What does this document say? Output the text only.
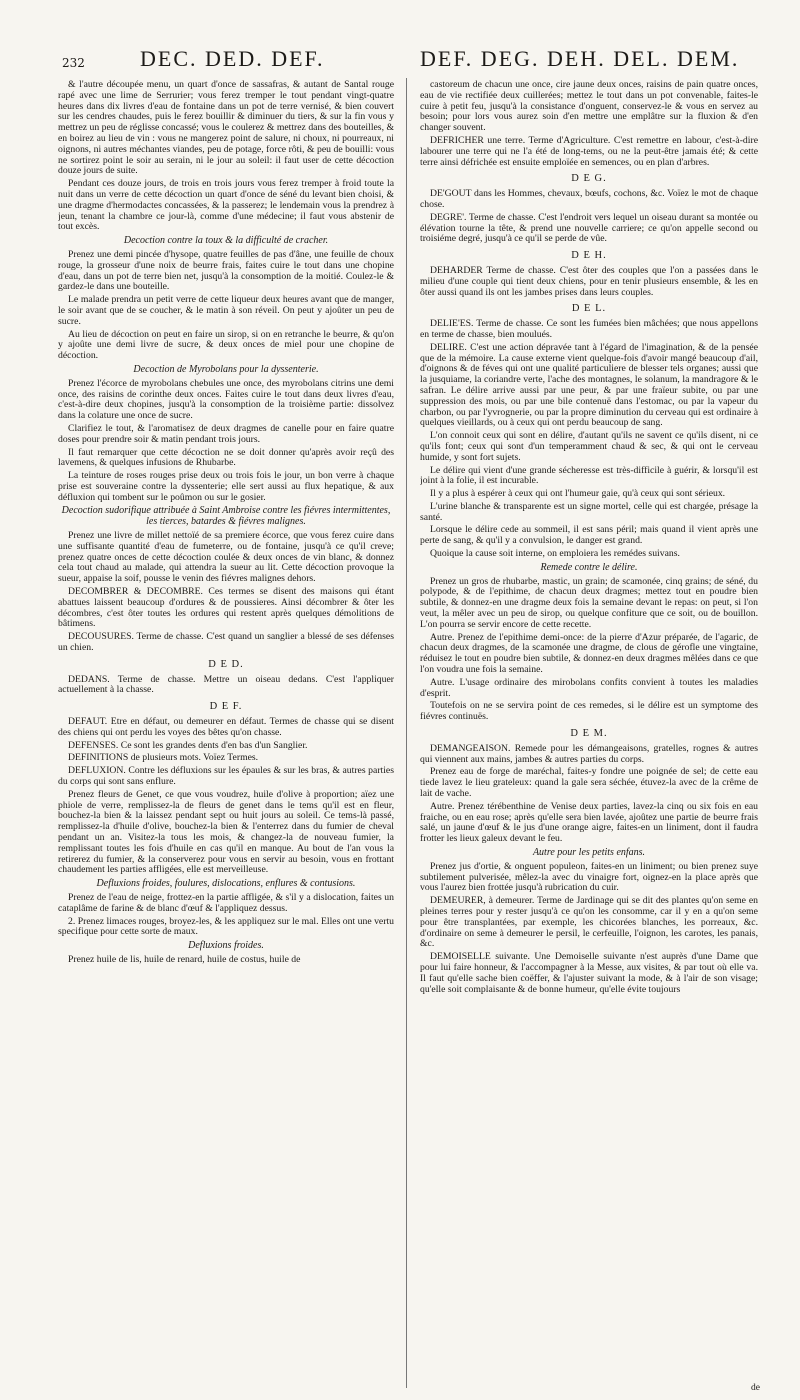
232	DEC. DED. DEF.	DEF. DEG. DEH. DEL. DEM.

& l'autre découpée menu, un quart d'once de sassafras, & autant de Santal rouge rapé avec une lime de Serrurier; vous ferez tremper le tout pendant vingt-quatre heures dans dix livres d'eau de fontaine dans un pot de terre vernisé, & bien couvert sur les cendres chaudes, puis le ferez bouillir & diminuer du tiers, & sur la fin vous y mettrez un peu de réglisse concassé; vous le coulerez & mettrez dans des bouteilles, & en boirez au lieu de vin : vous ne mangerez point de salure, ni choux, ni pourreaux, ni oignons, ni autres méchantes viandes, peu de potage, force rôti, & peu de bouilli: vous ne sortirez point le soir au serain, ni le jour au soleil: il faut user de cette décoction douze jours de suite.

Pendant ces douze jours, de trois en trois jours vous ferez tremper à froid toute la nuit dans un verre de cette décoction un quart d'once de séné du levant bien choisi, & une dragme d'hermodactes concassées, & la passerez; le lendemain vous la prendrez à jeun, tenant la chambre ce jour-là, comme d'une médecine; il faut vous abstenir de tout excès.

Decoction contre la toux & la difficulté de cracher.

Prenez une demi pincée d'hysope, quatre feuilles de pas d'âne, une feuille de choux rouge, la grosseur d'une noix de beurre frais, faites cuire le tout dans une chopine d'eau, dans un pot de terre bien net, jusqu'à la consomption de la moitié. Coulez-le & gardez-le dans une bouteille.

Le malade prendra un petit verre de cette liqueur deux heures avant que de manger, le soir avant que de se coucher, & le matin à son réveil. On peut y ajoûter un peu de sucre.

Au lieu de décoction on peut en faire un sirop, si on en retranche le beurre, & qu'on y ajoûte une demi livre de sucre, & deux onces de miel pour une chopine de décoction.

Decoction de Myrobolans pour la dyssenterie.

Prenez l'écorce de myrobolans chebules une once, des myrobolans citrins une demi once, des raisins de corinthe deux onces. Faites cuire le tout dans deux livres d'eau, c'est-à-dire deux chopines, jusqu'à la consomption de la troisième partie: dissolvez dans la colature une once de sucre.

Clarifiez le tout, & l'aromatisez de deux dragmes de canelle pour en faire quatre doses pour prendre soir & matin pendant trois jours.

Il faut remarquer que cette décoction ne se doit donner qu'après avoir reçû des lavemens, & quelques infusions de Rhubarbe.

La teinture de roses rouges prise deux ou trois fois le jour, un bon verre à chaque prise est souveraine contre la dyssenterie; elle sert aussi au flux hepatique, & aux défluxion qui tombent sur le poûmon ou sur le gosier.

Decoction sudorifique attribuée à Saint Ambroise contre les fiévres intermittentes, les tierces, batardes & fiévres malignes.

Prenez une livre de millet nettoïé de sa premiere écorce, que vous ferez cuire dans une suffisante quantité d'eau de fumeterre, ou de fontaine, jusqu'à ce qu'il creve; prenez quatre onces de cette décoction coulée & deux onces de vin blanc, & donnez cela tout chaud au malade, qui attendra la sueur au lit. Cette décoction provoque la sueur, appaise la soif, pousse le venin des fiévres malignes dehors.

DECOMBRER & DECOMBRE. Ces termes se disent des maisons qui étant abattues laissent beaucoup d'ordures & de poussieres. Ainsi décombrer & ôter les décombres, c'est ôter toutes les ordures qui restent après quelques démolitions de bâtimens.

DECOUSURES. Terme de chasse. C'est quand un sanglier a blessé de ses défenses un chien.

D E D.

DEDANS. Terme de chasse. Mettre un oiseau dedans. C'est l'appliquer actuellement à la chasse.

D E F.

DEFAUT. Etre en défaut, ou demeurer en défaut. Termes de chasse qui se disent des chiens qui ont perdu les voyes des bêtes qu'on chasse.

DEFENSES. Ce sont les grandes dents d'en bas d'un Sanglier.

DEFINITIONS de plusieurs mots. Voïez Termes.

DEFLUXION. Contre les défluxions sur les épaules & sur les bras, & autres parties du corps qui sont sans enflure.

Prenez fleurs de Genet, ce que vous voudrez, huile d'olive à proportion; aïez une phiole de verre, remplissez-la de fleurs de genet dans le tems qu'il est en fleur, bouchez-la bien & la laissez pendant sept ou huit jours au soleil. Ce tems-là passé, remplissez-la d'huile d'olive, bouchez-la bien & l'enterrez dans du fumier de cheval pendant un an. Visitez-la tous les mois, & changez-la de nouveau fumier, la remplissant toutes les fois d'huile en cas qu'il en manque. Au bout de l'an vous la retirerez du fumier, & la conserverez pour vous en servir au besoin, vous en frottant chaudement les parties affligées, elle est merveilleuse.

Defluxions froides, foulures, dislocations, enflures & contusions.

Prenez de l'eau de neige, frottez-en la partie affligée, & s'il y a dislocation, faites un cataplâme de farine & de blanc d'œuf & l'appliquez dessus.

2. Prenez limaces rouges, broyez-les, & les appliquez sur le mal. Elles ont une vertu specifique pour cette sorte de maux.

Defluxions froides.

Prenez huile de lis, huile de renard, huile de costus, huile de

castoreum de chacun une once, cire jaune deux onces, raisins de pain quatre onces, eau de vie rectifiée deux cuillerées; mettez le tout dans un pot convenable, faites-le cuire à petit feu, jusqu'à la consistance d'onguent, conservez-le & vous en servez au besoin; pour lors vous aurez soin d'en mettre une emplâtre sur la fluxion & d'en changer souvent.

DEFRICHER une terre. Terme d'Agriculture. C'est remettre en labour, c'est-à-dire labourer une terre qui ne l'a été de long-tems, ou ne la peut-être jamais été; & cette terre ainsi défrichée est ensuite emploïée en semences, ou en plan d'arbres.

D E G.

DE'GOUT dans les Hommes, chevaux, bœufs, cochons, &c. Voïez le mot de chaque chose.

DEGRE'. Terme de chasse. C'est l'endroit vers lequel un oiseau durant sa montée ou élévation tourne la tête, & prend une nouvelle carriere; ce qu'on appelle second ou troisiéme degré, jusqu'à ce qu'il se perde de vûe.

D E H.

DEHARDER Terme de chasse. C'est ôter des couples que l'on a passées dans le milieu d'une couple qui tient deux chiens, pour en tenir plusieurs ensemble, & les en ôter aussi quand ils ont les jambes prises dans leurs couples.

D E L.

DELIE'ES. Terme de chasse. Ce sont les fumées bien mâchées; que nous appellons en terme de chasse, bien moulués.

DELIRE. C'est une action dépravée tant à l'égard de l'imagination, & de la pensée que de la mémoire. La cause externe vient quelque-fois d'avoir mangé beaucoup d'ail, d'oignons & de féves qui ont une qualité particuliere de blesser tels organes; aussi que la jusquiame, la coriandre verte, l'ache des montagnes, le solanum, la mandragore & le safran. Le délire arrive aussi par une peur, & par une fraïeur subite, ou par une suppression des mois, ou par une bile contenuë dans l'estomac, ou par la vapeur du charbon, ou par l'yvrognerie, ou par la propre diminution du cerveau qui est ordinaire à quelques vieillards, ou à ceux qui ont perdu beaucoup de sang.

L'on connoit ceux qui sont en délire, d'autant qu'ils ne savent ce qu'ils disent, ni ce qu'ils font; ceux qui sont d'un temperamment chaud & sec, & qui ont le cerveau humide, y sont fort sujets.

Le délire qui vient d'une grande sécheresse est très-difficile à guérir, & lorsqu'il est joint à la folie, il est incurable.

Il y a plus à espérer à ceux qui ont l'humeur gaie, qu'à ceux qui sont sérieux.

L'urine blanche & transparente est un signe mortel, celle qui est chargée, présage la santé.

Lorsque le délire cede au sommeil, il est sans péril; mais quand il vient après une perte de sang, & qu'il y a convulsion, le danger est grand.

Quoique la cause soit interne, on emploiera les remédes suivans.

Remede contre le délire.

Prenez un gros de rhubarbe, mastic, un grain; de scamonée, cinq grains; de séné, du polypode, & de l'epithime, de chacun deux dragmes; mettez tout en poudre bien subtile, & donnez-en une dragme deux fois la semaine devant le repas: on peut, si l'on veut, la mêler avec un peu de sirop, ou quelque confiture que ce soit, ou de bouillon. L'on pourra se servir encore de cette recette.

Autre. Prenez de l'epithime demi-once: de la pierre d'Azur préparée, de l'agaric, de chacun deux dragmes, de la scamonée une dragme, de clous de gérofle une vingtaine, réduisez le tout en poudre bien subtile, & donnez-en deux dragmes mêlées dans ce que l'on voudra une fois la semaine.

Autre. L'usage ordinaire des mirobolans confits convient à toutes les maladies d'esprit.

Toutefois on ne se servira point de ces remedes, si le délire est un symptome des fiévres continuës.

D E M.

DEMANGEAISON. Remede pour les démangeaisons, gratelles, rognes & autres qui viennent aux mains, jambes & autres parties du corps.

Prenez eau de forge de maréchal, faites-y fondre une poignée de sel; de cette eau tiede lavez le lieu grateleux: quand la gale sera séchée, étuvez-la avec de la crême de lait de vache.

Autre. Prenez térébenthine de Venise deux parties, lavez-la cinq ou six fois en eau fraiche, ou en eau rose; après qu'elle sera bien lavée, ajoûtez une partie de beurre frais salé, un jaune d'œuf & le jus d'une orange aigre, faites-en un liniment, dont il faudra frotter les lieux galeux devant le feu.

Autre pour les petits enfans.

Prenez jus d'ortie, & onguent populeon, faites-en un liniment; ou bien prenez suye subtilement pulverisée, mêlez-la avec du vinaigre fort, oignez-en la place après que vous l'aurez bien frottée jusqu'à rubrication du cuir.

DEMEURER, à demeurer. Terme de Jardinage qui se dit des plantes qu'on seme en pleines terres pour y rester jusqu'à ce qu'on les consomme, car il y en a qu'on seme pour être transplantées, par exemple, les chicorées blanches, les porreaux, &c. d'ordinaire on seme à demeurer le persil, le cerfeuille, l'oignon, les carotes, les panais, &c.

DEMOISELLE suivante. Une Demoiselle suivante n'est auprès d'une Dame que pour lui faire honneur, & l'accompagner à la Messe, aux visites, & par tout où elle va. Il faut qu'elle sache bien coëffer, & l'ajuster suivant la mode, & à l'air de son visage; qu'elle soit complaisante & de bonne humeur, qu'elle évite toujours

de
